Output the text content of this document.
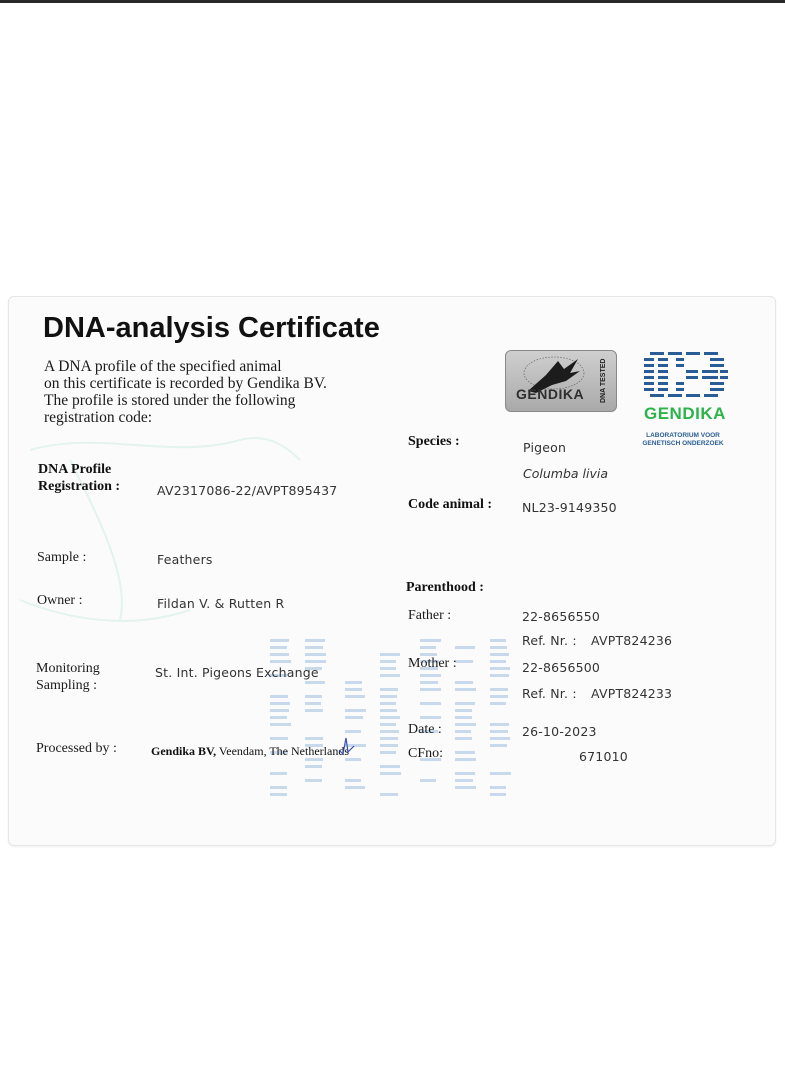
DNA-analysis Certificate
A DNA profile of the specified animal
on this certificate is recorded by Gendika BV.
The profile is stored under the following
registration code:
GENDIKA DNA TESTED
GENDIKA
LABORATORIUM VOOR
GENETISCH ONDERZOEK
DNA Profile
Registration :	AV2317086-22/AVPT895437
Sample :	Feathers
Owner :	Fildan V. & Rutten R
Monitoring
Sampling :
St. Int. Pigeons Exchange
Processed by :	Gendika BV, Veendam, The Netherlands
Species :	Pigeon
Columba livia
Code animal : NL23-9149350
Parenthood :
Father :	22-8656550
Ref. Nr. : AVPT824236
Mother :	22-8656500
Ref. Nr. : AVPT824233
Date :	26-10-2023
CFno:	671010
